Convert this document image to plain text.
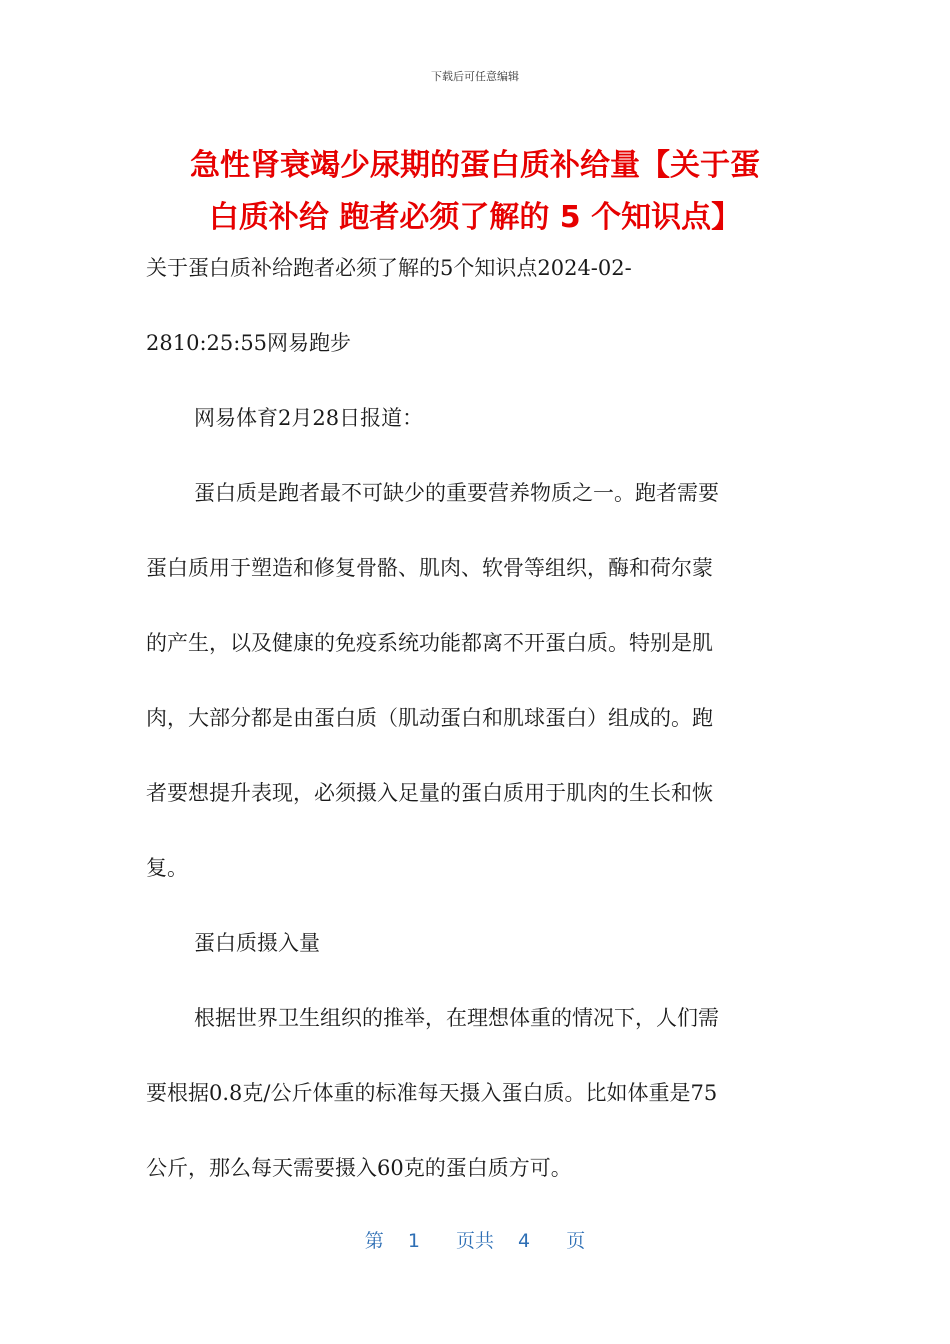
下载后可任意编辑
急性肾衰竭少尿期的蛋白质补给量【关于蛋
白质补给 跑者必须了解的 5 个知识点】
关于蛋白质补给跑者必须了解的5个知识点2024-02-
2810:25:55网易跑步
网易体育2月28日报道：
蛋白质是跑者最不可缺少的重要营养物质之一。跑者需要
蛋白质用于塑造和修复骨骼、肌肉、软骨等组织，酶和荷尔蒙
的产生，以及健康的免疫系统功能都离不开蛋白质。特别是肌
肉，大部分都是由蛋白质（肌动蛋白和肌球蛋白）组成的。跑
者要想提升表现，必须摄入足量的蛋白质用于肌肉的生长和恢
复。
蛋白质摄入量
根据世界卫生组织的推举，在理想体重的情况下，人们需
要根据0.8克/公斤体重的标准每天摄入蛋白质。比如体重是75
公斤，那么每天需要摄入60克的蛋白质方可。
第 1 页共 4 页
